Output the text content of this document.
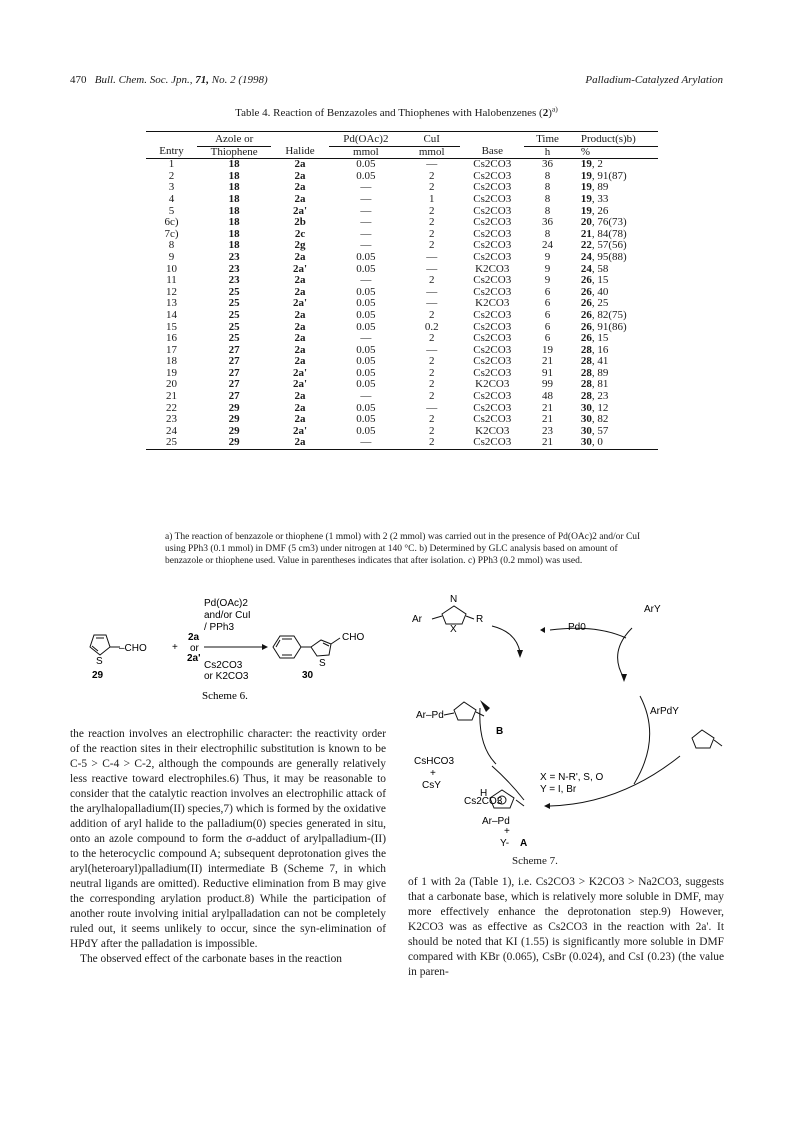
470 Bull. Chem. Soc. Jpn., 71, No. 2 (1998)	Palladium-Catalyzed Arylation
Table 4. Reaction of Benzazoles and Thiophenes with Halobenzenes $(2)^{a)}$
	Azole or		Pd(OAc)2	CuI		Time	Product(s)b)
Entry	Thiophene	Halide	mmol	mmol	Base	h	%
1	18	2a	0.05	—	Cs2CO3	36	19, 2
2	18	2a	0.05	2	Cs2CO3	8	19, 91(87)
3	18	2a	—	2	Cs2CO3	8	19, 89
4	18	2a	—	1	Cs2CO3	8	19, 33
5	18	2a'	—	2	Cs2CO3	8	19, 26
6c)	18	2b	—	2	Cs2CO3	36	20, 76(73)
7c)	18	2c	—	2	Cs2CO3	8	21, 84(78)
8	18	2g	—	2	Cs2CO3	24	22, 57(56)
9	23	2a	0.05	—	Cs2CO3	9	24, 95(88)
10	23	2a'	0.05	—	K2CO3	9	24, 58
11	23	2a	—	2	Cs2CO3	9	26, 15
12	25	2a	0.05	—	Cs2CO3	6	26, 40
13	25	2a'	0.05	—	K2CO3	6	26, 25
14	25	2a	0.05	2	Cs2CO3	6	26, 82(75)
15	25	2a	0.05	0.2	Cs2CO3	6	26, 91(86)
16	25	2a	—	2	Cs2CO3	6	26, 15
17	27	2a	0.05	—	Cs2CO3	19	28, 16
18	27	2a	0.05	2	Cs2CO3	21	28, 41
19	27	2a'	0.05	2	Cs2CO3	91	28, 89
20	27	2a'	0.05	2	K2CO3	99	28, 81
21	27	2a	—	2	Cs2CO3	48	28, 23
22	29	2a	0.05	—	Cs2CO3	21	30, 12
23	29	2a	0.05	2	Cs2CO3	21	30, 82
24	29	2a'	0.05	2	K2CO3	23	30, 57
25	29	2a	—	2	Cs2CO3	21	30, 0
a) The reaction of benzazole or thiophene (1 mmol) with 2 (2 mmol) was carried out in the presence of Pd(OAc)2 and/or CuI using PPh3 (0.1 mmol) in DMF (5 cm3) under nitrogen at 140 °C. b) Determined by GLC analysis based on amount of benzazole or thiophene used. Value in parentheses indicates that after isolation. c) PPh3 (0.2 mmol) was used.
S
–CHO
29
+
2a
or
2a'
Pd(OAc)2
and/or CuI
/ PPh3
Cs2CO3
or K2CO3
S
CHO
30
Scheme 6.
Ar
N
R
X	Pd0
ArY
Ar–Pd
B
ArPdY
CsHCO3
+
CsY
X = N-R', S, O
Y = I, Br
Cs2CO3
H
Ar–Pd
+
Y- A
Scheme 7.

the reaction involves an electrophilic character: the reactivity order of the reaction sites in their electrophilic substitution is known to be C-5 > C-4 > C-2, although the compounds are generally relatively less reactive toward electrophiles.6) Thus, it may be reasonable to consider that the catalytic reaction involves an electrophilic attack of the arylhalopalladium(II) species,7) which is formed by the oxidative addition of aryl halide to the palladium(0) species generated in situ, onto an azole compound to form the σ-adduct of arylpalladium-(II) to the heterocyclic compound A; subsequent deprotonation gives the aryl(heteroaryl)palladium(II) intermediate B (Scheme 7, in which neutral ligands are omitted). Reductive elimination from B may give the corresponding arylation product.8) While the participation of another route involving initial arylpalladation can not be completely ruled out, it seems unlikely to occur, since the syn-elimination of HPdY after the palladation is impossible.

The observed effect of the carbonate bases in the reaction

of 1 with 2a (Table 1), i.e. Cs2CO3 > K2CO3 > Na2CO3, suggests that a carbonate base, which is relatively more soluble in DMF, may more effectively enhance the deprotonation step.9) However, K2CO3 was as effective as Cs2CO3 in the reaction with 2a'. It should be noted that KI (1.55) is significantly more soluble in DMF compared with KBr (0.065), CsBr (0.024), and CsI (0.23) (the value in paren-
